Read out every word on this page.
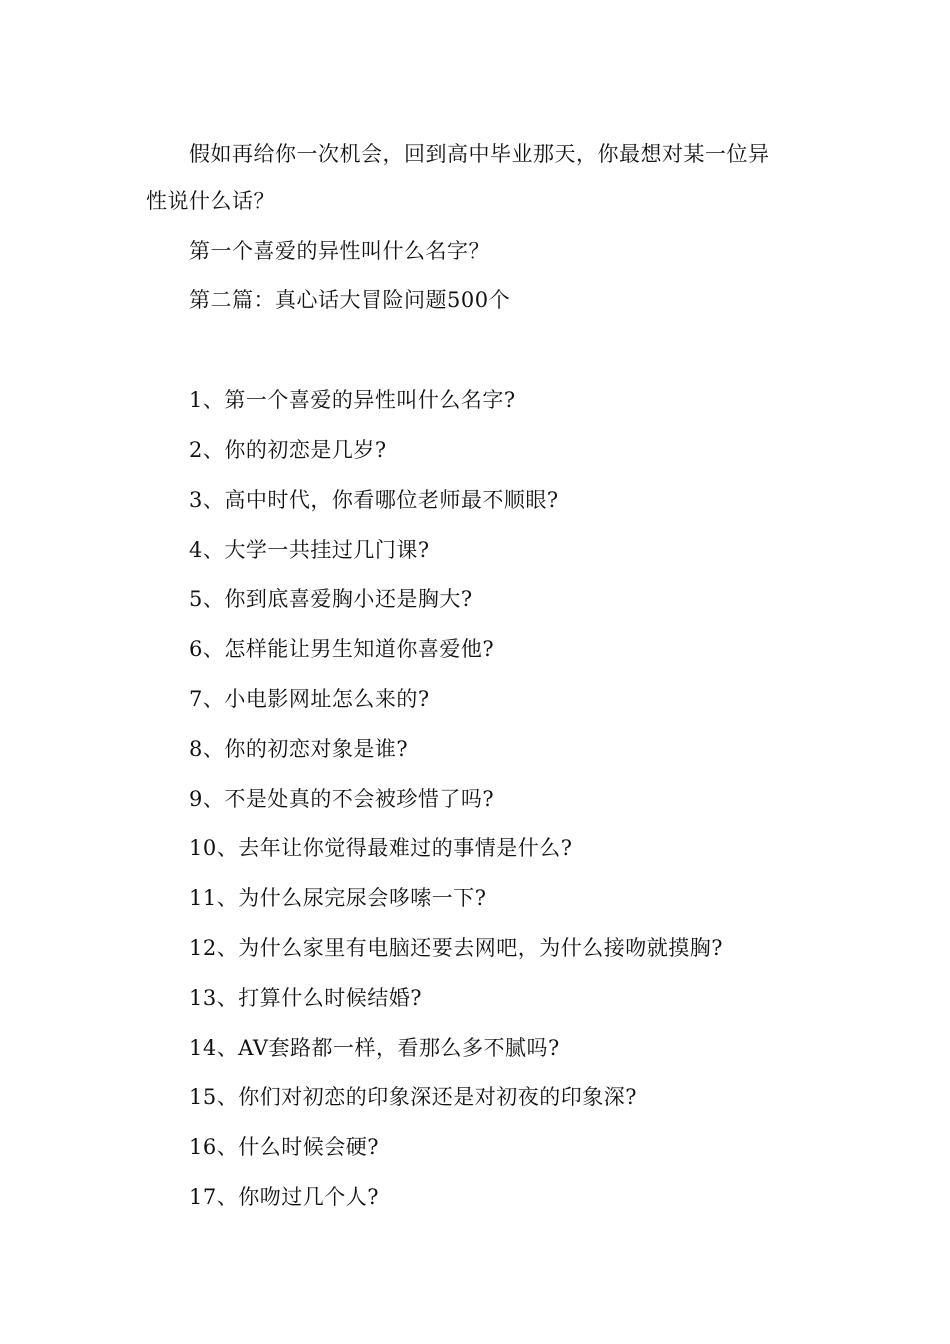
假如再给你一次机会，回到高中毕业那天，你最想对某一位异
性说什么话？
第一个喜爱的异性叫什么名字？
第二篇：真心话大冒险问题500个
1、第一个喜爱的异性叫什么名字?
2、你的初恋是几岁?
3、高中时代，你看哪位老师最不顺眼?
4、大学一共挂过几门课?
5、你到底喜爱胸小还是胸大?
6、怎样能让男生知道你喜爱他?
7、小电影网址怎么来的?
8、你的初恋对象是谁?
9、不是处真的不会被珍惜了吗?
10、去年让你觉得最难过的事情是什么?
11、为什么尿完尿会哆嗦一下?
12、为什么家里有电脑还要去网吧，为什么接吻就摸胸?
13、打算什么时候结婚?
14、AV套路都一样，看那么多不腻吗?
15、你们对初恋的印象深还是对初夜的印象深?
16、什么时候会硬?
17、你吻过几个人?
